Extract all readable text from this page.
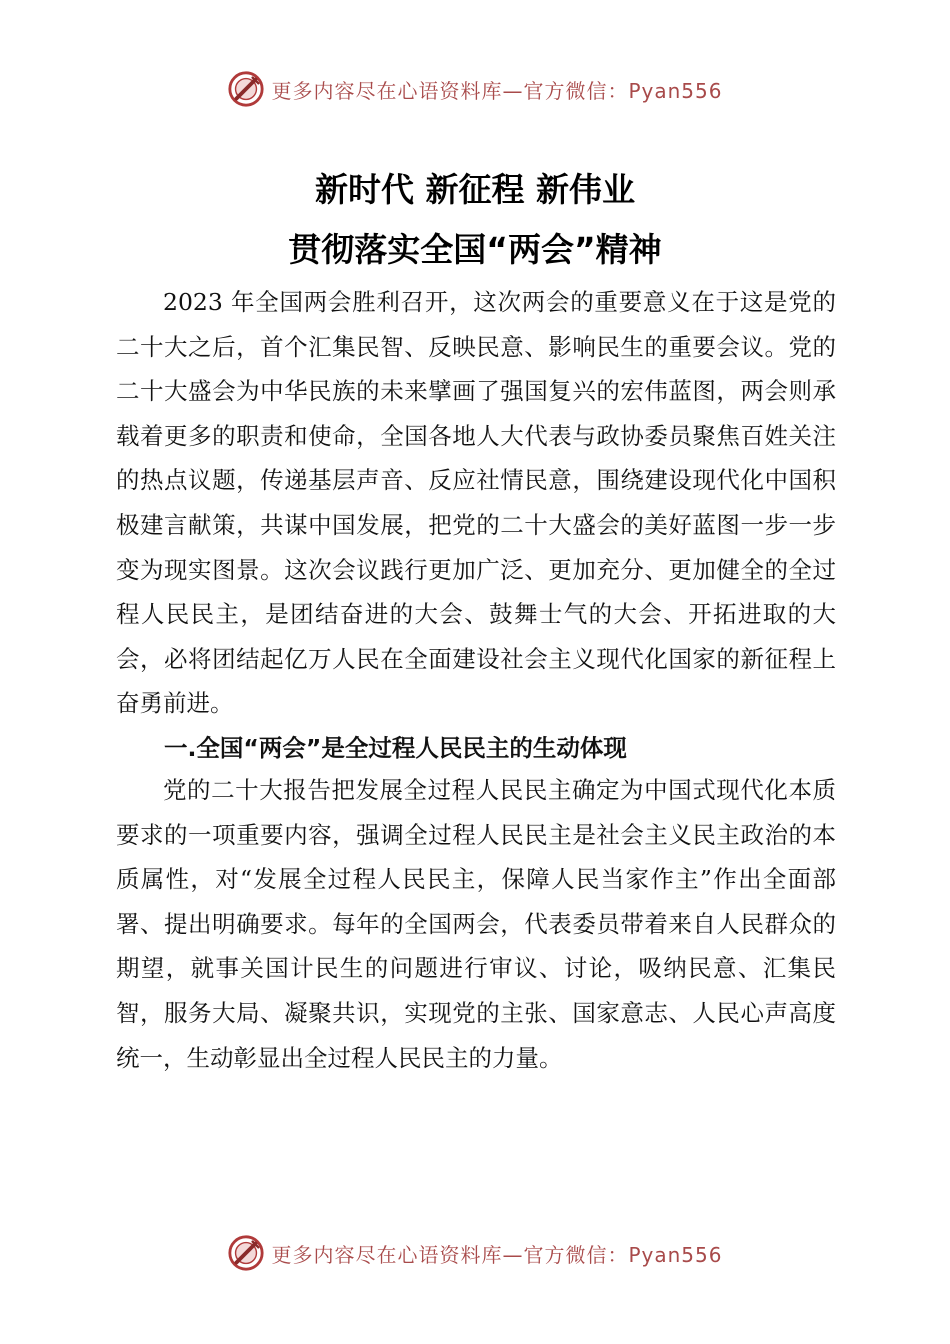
更多内容尽在心语资料库—官方微信：Pyan556
新时代 新征程 新伟业
贯彻落实全国“两会”精神

2023 年全国两会胜利召开，这次两会的重要意义在于这是党的二十大之后，首个汇集民智、反映民意、影响民生的重要会议。党的二十大盛会为中华民族的未来擘画了强国复兴的宏伟蓝图，两会则承载着更多的职责和使命，全国各地人大代表与政协委员聚焦百姓关注的热点议题，传递基层声音、反应社情民意，围绕建设现代化中国积极建言献策，共谋中国发展，把党的二十大盛会的美好蓝图一步一步变为现实图景。这次会议践行更加广泛、更加充分、更加健全的全过程人民民主，是团结奋进的大会、鼓舞士气的大会、开拓进取的大会，必将团结起亿万人民在全面建设社会主义现代化国家的新征程上奋勇前进。

一.全国“两会”是全过程人民民主的生动体现

党的二十大报告把发展全过程人民民主确定为中国式现代化本质要求的一项重要内容，强调全过程人民民主是社会主义民主政治的本质属性，对“发展全过程人民民主，保障人民当家作主”作出全面部署、提出明确要求。每年的全国两会，代表委员带着来自人民群众的期望，就事关国计民生的问题进行审议、讨论，吸纳民意、汇集民智，服务大局、凝聚共识，实现党的主张、国家意志、人民心声高度统一，生动彰显出全过程人民民主的力量。

更多内容尽在心语资料库—官方微信：Pyan556
